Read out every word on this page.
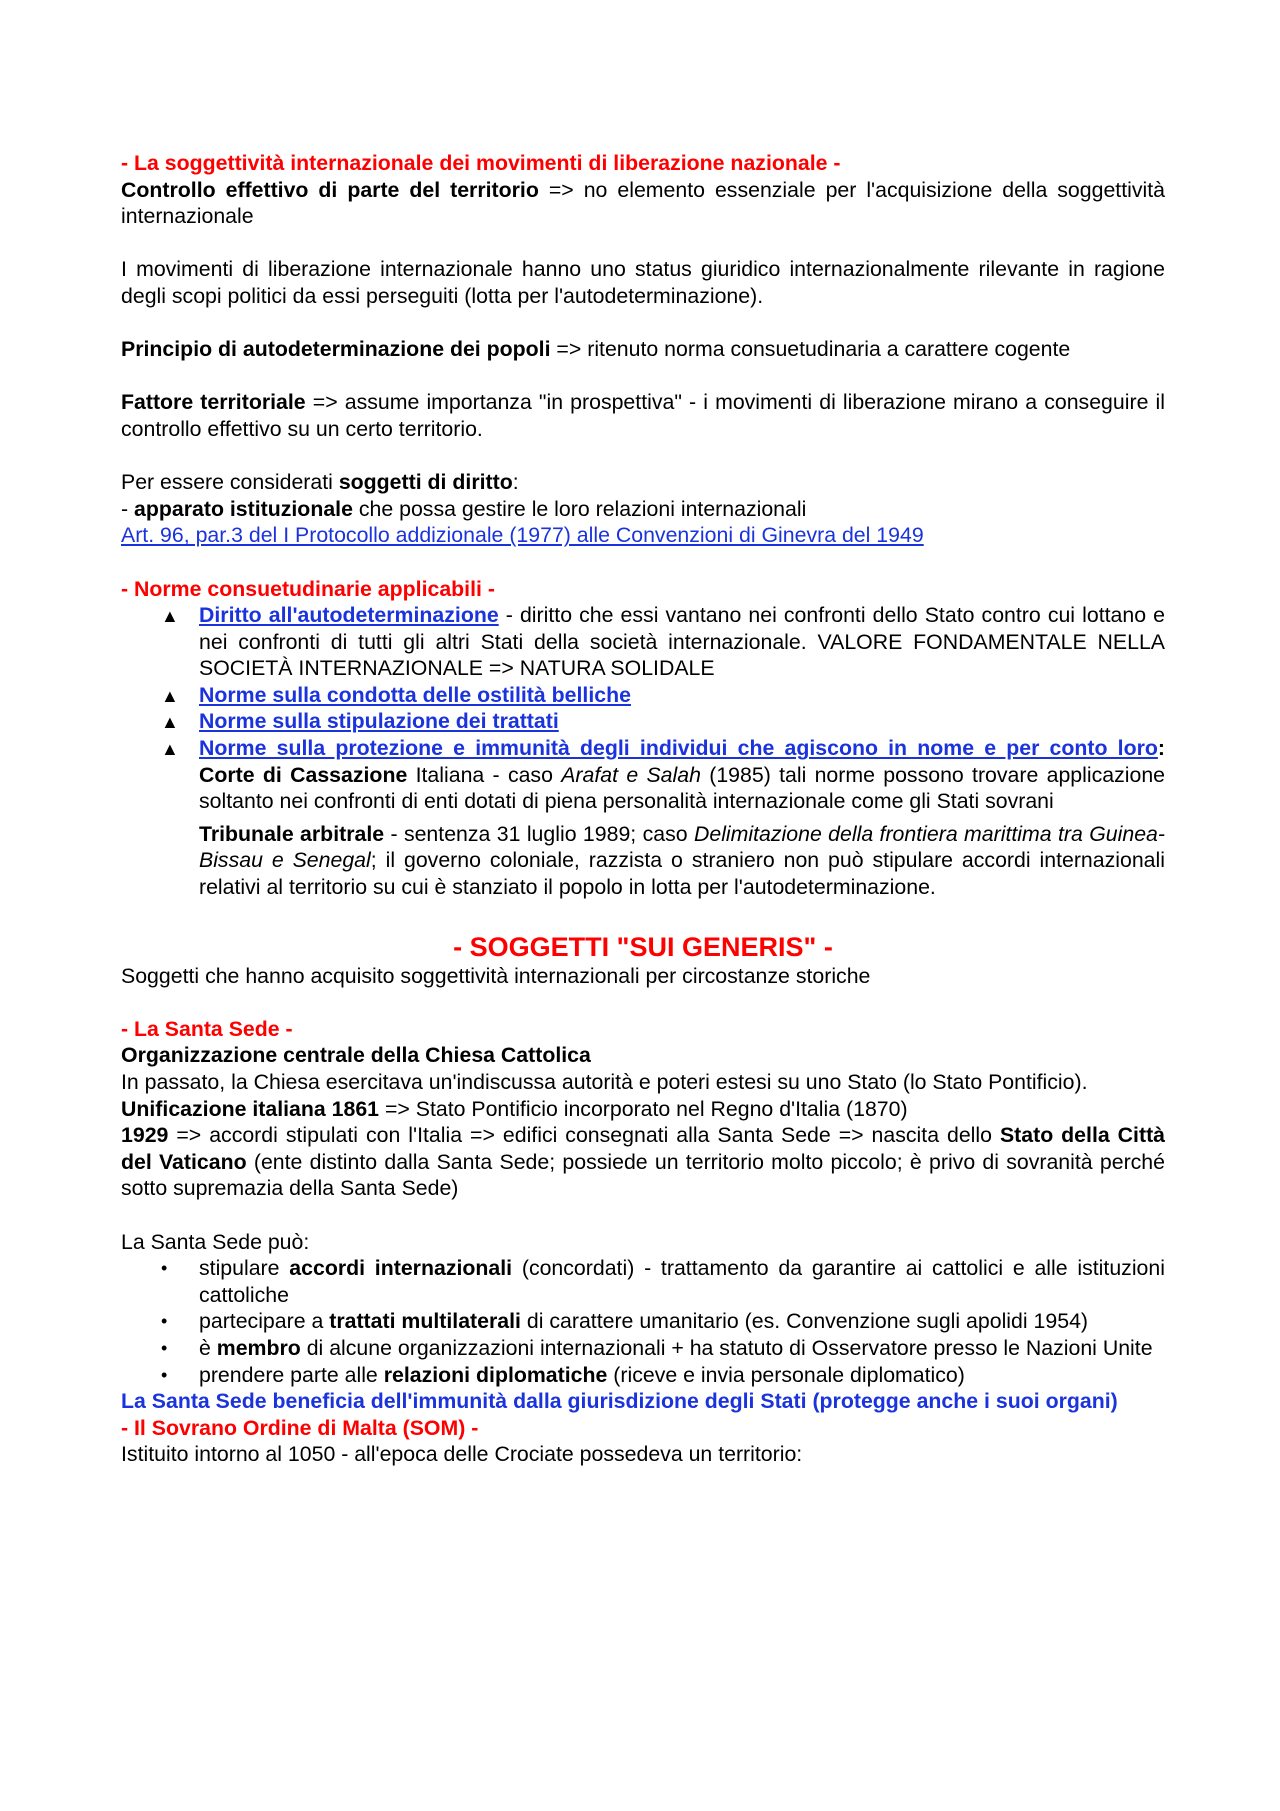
- La soggettività internazionale dei movimenti di liberazione nazionale -

Controllo effettivo di parte del territorio => no elemento essenziale per l'acquisizione della soggettività internazionale

I movimenti di liberazione internazionale hanno uno status giuridico internazionalmente rilevante in ragione degli scopi politici da essi perseguiti (lotta per l'autodeterminazione).

Principio di autodeterminazione dei popoli => ritenuto norma consuetudinaria a carattere cogente

Fattore territoriale => assume importanza "in prospettiva" - i movimenti di liberazione mirano a conseguire il controllo effettivo su un certo territorio.

Per essere considerati soggetti di diritto:

- apparato istituzionale che possa gestire le loro relazioni internazionali

Art. 96, par.3 del I Protocollo addizionale (1977) alle Convenzioni di Ginevra del 1949

- Norme consuetudinarie applicabili -

▲ Diritto all'autodeterminazione - diritto che essi vantano nei confronti dello Stato contro cui lottano e nei confronti di tutti gli altri Stati della società internazionale. VALORE FONDAMENTALE NELLA SOCIETÀ INTERNAZIONALE => NATURA SOLIDALE
▲ Norme sulla condotta delle ostilità belliche
▲ Norme sulla stipulazione dei trattati
▲ Norme sulla protezione e immunità degli individui che agiscono in nome e per conto loro: Corte di Cassazione Italiana - caso Arafat e Salah (1985) tali norme possono trovare applicazione soltanto nei confronti di enti dotati di piena personalità internazionale come gli Stati sovrani

Tribunale arbitrale - sentenza 31 luglio 1989; caso Delimitazione della frontiera marittima tra Guinea-Bissau e Senegal; il governo coloniale, razzista o straniero non può stipulare accordi internazionali relativi al territorio su cui è stanziato il popolo in lotta per l'autodeterminazione.

- SOGGETTI "SUI GENERIS" -

Soggetti che hanno acquisito soggettività internazionali per circostanze storiche

- La Santa Sede -

Organizzazione centrale della Chiesa Cattolica

In passato, la Chiesa esercitava un'indiscussa autorità e poteri estesi su uno Stato (lo Stato Pontificio).

Unificazione italiana 1861 => Stato Pontificio incorporato nel Regno d'Italia (1870)

1929 => accordi stipulati con l'Italia => edifici consegnati alla Santa Sede => nascita dello Stato della Città del Vaticano (ente distinto dalla Santa Sede; possiede un territorio molto piccolo; è privo di sovranità perché sotto supremazia della Santa Sede)

La Santa Sede può:

• stipulare accordi internazionali (concordati) - trattamento da garantire ai cattolici e alle istituzioni cattoliche
• partecipare a trattati multilaterali di carattere umanitario (es. Convenzione sugli apolidi 1954)
• è membro di alcune organizzazioni internazionali + ha statuto di Osservatore presso le Nazioni Unite
• prendere parte alle relazioni diplomatiche (riceve e invia personale diplomatico)

La Santa Sede beneficia dell'immunità dalla giurisdizione degli Stati (protegge anche i suoi organi)

- Il Sovrano Ordine di Malta (SOM) -

Istituito intorno al 1050 - all'epoca delle Crociate possedeva un territorio:
